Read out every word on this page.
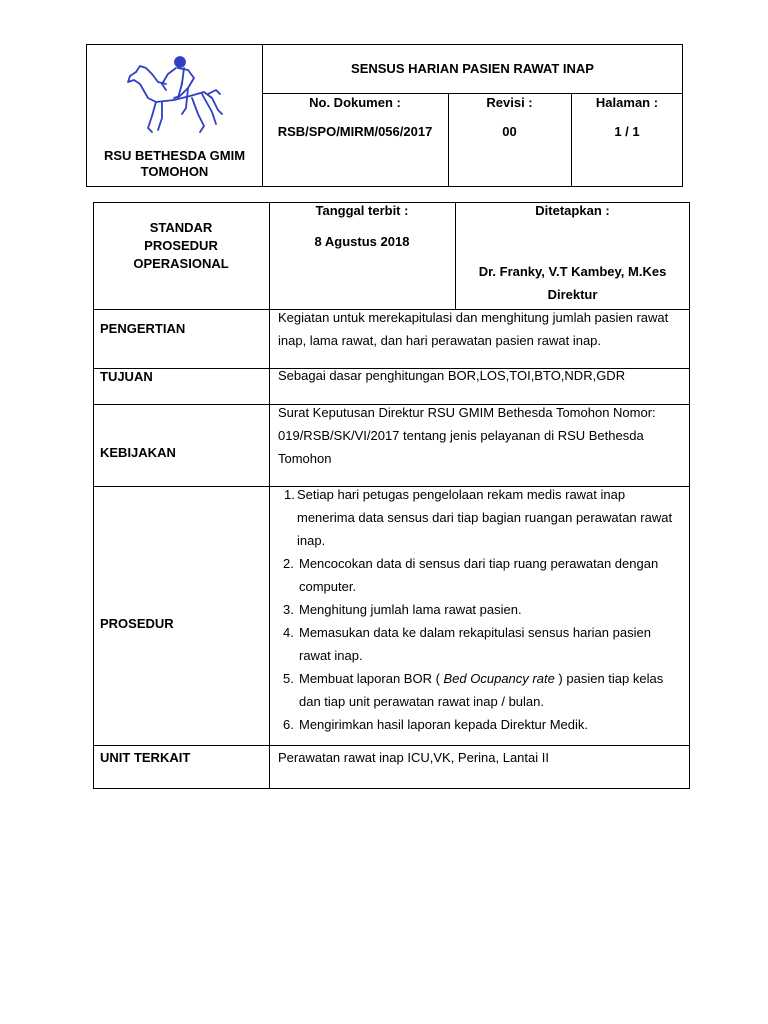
RSU BETHESDA GMIM TOMOHON
SENSUS HARIAN PASIEN RAWAT INAP
No. Dokumen :
RSB/SPO/MIRM/056/2017
Revisi :
00
Halaman :
1 / 1
STANDAR PROSEDUR OPERASIONAL
Tanggal terbit :
8 Agustus 2018
Ditetapkan :
Dr. Franky, V.T Kambey, M.Kes
Direktur
PENGERTIAN
Kegiatan untuk merekapitulasi dan menghitung jumlah pasien rawat inap, lama rawat, dan hari perawatan pasien rawat inap.
TUJUAN	Sebagai dasar penghitungan BOR,LOS,TOI,BTO,NDR,GDR
KEBIJAKAN
Surat Keputusan Direktur RSU GMIM Bethesda Tomohon Nomor: 019/RSB/SK/VI/2017 tentang jenis pelayanan di RSU Bethesda Tomohon
PROSEDUR
1. Setiap hari petugas pengelolaan rekam medis rawat inap menerima data sensus dari tiap bagian ruangan perawatan rawat inap.
2. Mencocokan data di sensus dari tiap ruang perawatan dengan computer.
3. Menghitung jumlah lama rawat pasien.
4. Memasukan data ke dalam rekapitulasi sensus harian pasien rawat inap.
5. Membuat laporan BOR ( Bed Ocupancy rate ) pasien tiap kelas dan tiap unit perawatan rawat inap / bulan.
6. Mengirimkan hasil laporan kepada Direktur Medik.
UNIT TERKAIT	Perawatan rawat inap ICU,VK, Perina, Lantai II
